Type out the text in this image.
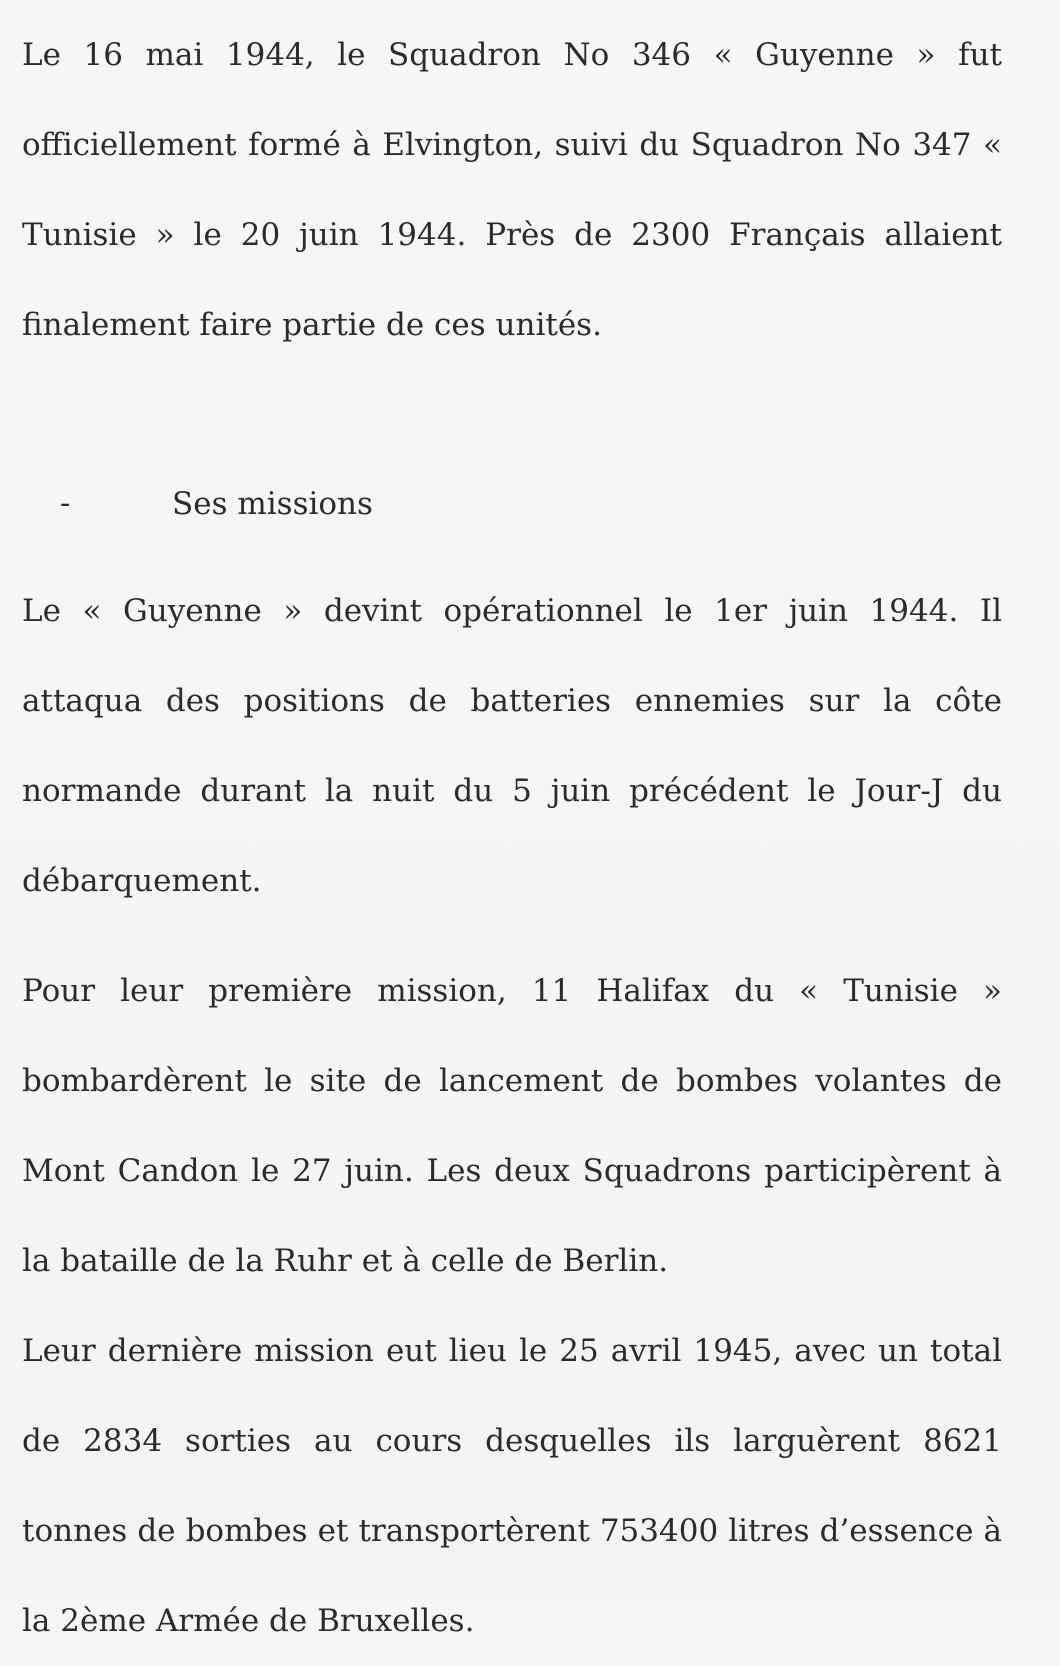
Le 16 mai 1944, le Squadron No 346 « Guyenne » fut officiellement formé à Elvington, suivi du Squadron No 347 « Tunisie » le 20 juin 1944. Près de 2300 Français allaient finalement faire partie de ces unités.

-	Ses missions

Le « Guyenne » devint opérationnel le 1er juin 1944. Il attaqua des positions de batteries ennemies sur la côte normande durant la nuit du 5 juin précédent le Jour-J du débarquement.

Pour leur première mission, 11 Halifax du « Tunisie » bombardèrent le site de lancement de bombes volantes de Mont Candon le 27 juin. Les deux Squadrons participèrent à la bataille de la Ruhr et à celle de Berlin.

Leur dernière mission eut lieu le 25 avril 1945, avec un total de 2834 sorties au cours desquelles ils larguèrent 8621 tonnes de bombes et transportèrent 753400 litres d’essence à la 2ème Armée de Bruxelles.
